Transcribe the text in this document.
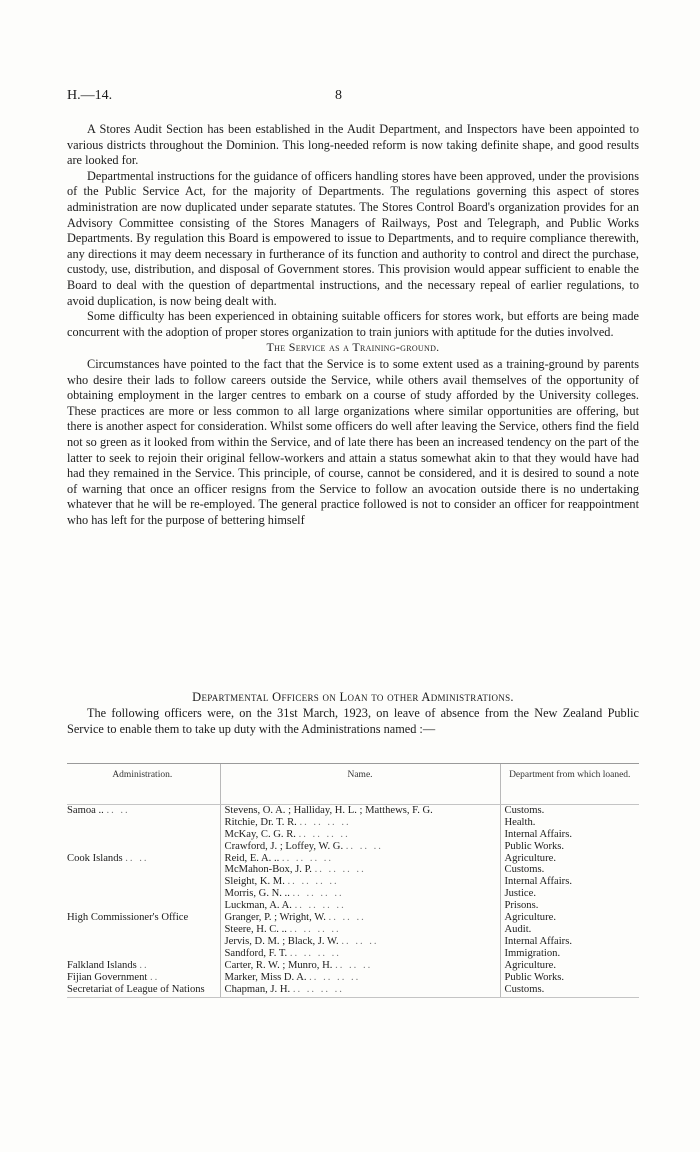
H.—14.	8

A Stores Audit Section has been established in the Audit Department, and Inspectors have been appointed to various districts throughout the Dominion. This long-needed reform is now taking definite shape, and good results are looked for.

Departmental instructions for the guidance of officers handling stores have been approved, under the provisions of the Public Service Act, for the majority of Departments. The regulations governing this aspect of stores administration are now duplicated under separate statutes. The Stores Control Board's organization provides for an Advisory Committee consisting of the Stores Managers of Railways, Post and Telegraph, and Public Works Departments. By regulation this Board is empowered to issue to Departments, and to require compliance therewith, any directions it may deem necessary in furtherance of its function and authority to control and direct the purchase, custody, use, distribution, and disposal of Government stores. This provision would appear sufficient to enable the Board to deal with the question of departmental instructions, and the necessary repeal of earlier regulations, to avoid duplication, is now being dealt with.

Some difficulty has been experienced in obtaining suitable officers for stores work, but efforts are being made concurrent with the adoption of proper stores organization to train juniors with aptitude for the duties involved.

The Service as a Training-ground.

Circumstances have pointed to the fact that the Service is to some extent used as a training-ground by parents who desire their lads to follow careers outside the Service, while others avail themselves of the opportunity of obtaining employment in the larger centres to embark on a course of study afforded by the University colleges. These practices are more or less common to all large organizations where similar opportunities are offering, but there is another aspect for consideration. Whilst some officers do well after leaving the Service, others find the field not so green as it looked from within the Service, and of late there has been an increased tendency on the part of the latter to seek to rejoin their original fellow-workers and attain a status somewhat akin to that they would have had had they remained in the Service. This principle, of course, cannot be considered, and it is desired to sound a note of warning that once an officer resigns from the Service to follow an avocation outside there is no undertaking whatever that he will be re-employed. The general practice followed is not to consider an officer for reappointment who has left for the purpose of bettering himself

Departmental Officers on Loan to other Administrations.

The following officers were, on the 31st March, 1923, on leave of absence from the New Zealand Public Service to enable them to take up duty with the Administrations named :—

Administration.	Name.	Department from which loaned.
Samoa .. .. ..	Stevens, O. A. ; Halliday, H. L. ; Matthews, F. G.	Customs.
	Ritchie, Dr. T. R. .. .. .. ..	Health.
	McKay, C. G. R. .. .. .. ..	Internal Affairs.
	Crawford, J. ; Loffey, W. G. .. .. ..	Public Works.
Cook Islands .. ..	Reid, E. A. .. .. .. .. ..	Agriculture.
	McMahon-Box, J. P. .. .. .. ..	Customs.
	Sleight, K. M. .. .. .. ..	Internal Affairs.
	Morris, G. N. .. .. .. .. ..	Justice.
	Luckman, A. A. .. .. .. ..	Prisons.
High Commissioner's Office	Granger, P. ; Wright, W. .. .. ..	Agriculture.
	Steere, H. C. .. .. .. .. ..	Audit.
	Jervis, D. M. ; Black, J. W. .. .. ..	Internal Affairs.
	Sandford, F. T. .. .. .. ..	Immigration.
Falkland Islands ..	Carter, R. W. ; Munro, H. .. .. ..	Agriculture.
Fijian Government ..	Marker, Miss D. A. .. .. .. ..	Public Works.
Secretariat of League of Nations	Chapman, J. H. .. .. .. ..	Customs.
